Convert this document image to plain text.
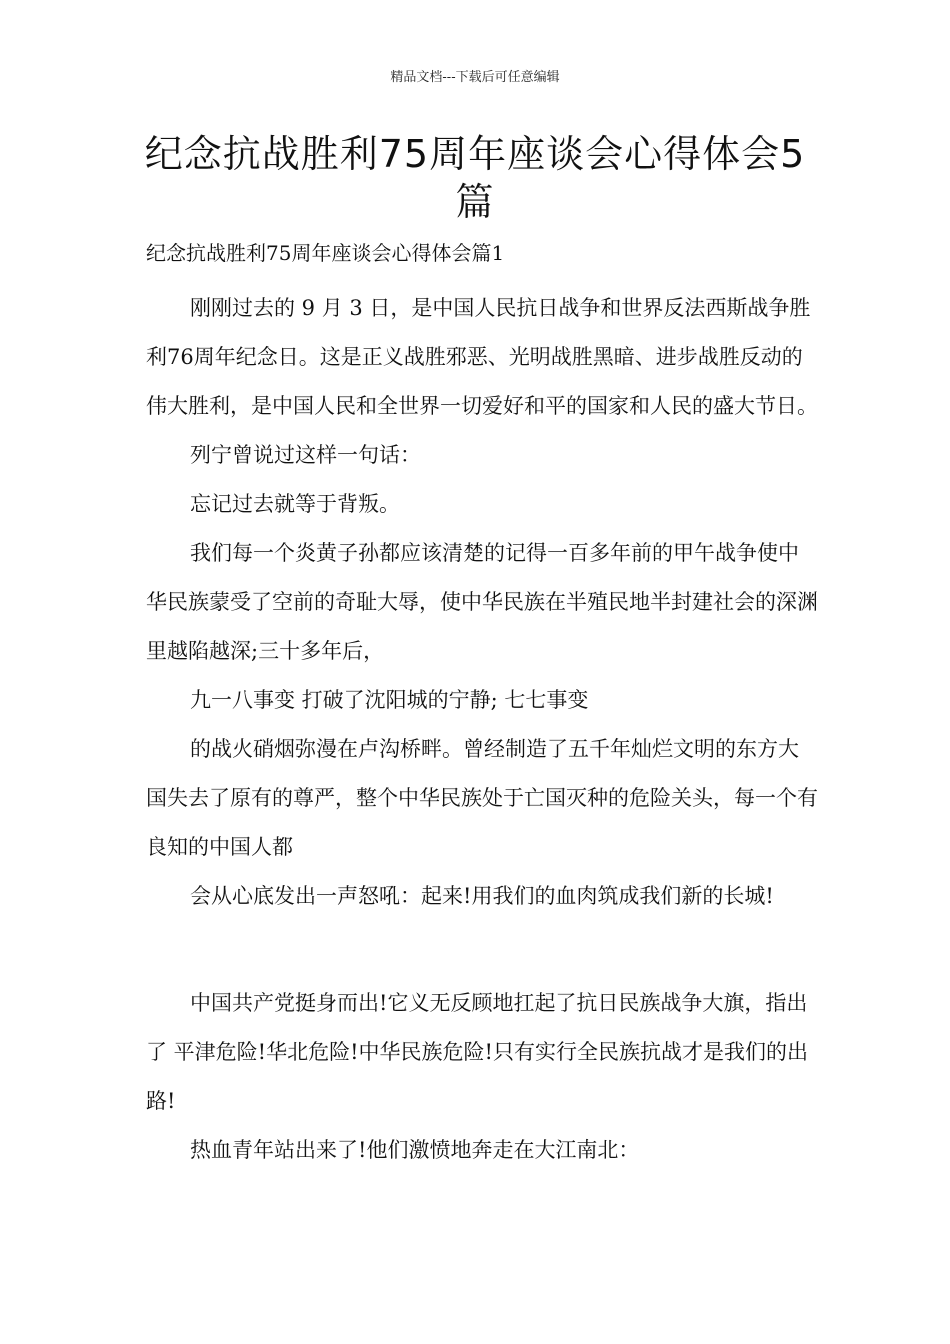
精品文档---下载后可任意编辑
纪念抗战胜利75周年座谈会心得体会5篇

纪念抗战胜利75周年座谈会心得体会篇1

刚刚过去的 9 月 3 日，是中国人民抗日战争和世界反法西斯战争胜利76周年纪念日。这是正义战胜邪恶、光明战胜黑暗、进步战胜反动的伟大胜利，是中国人民和全世界一切爱好和平的国家和人民的盛大节日。

列宁曾说过这样一句话：

忘记过去就等于背叛。

我们每一个炎黄子孙都应该清楚的记得一百多年前的甲午战争使中华民族蒙受了空前的奇耻大辱，使中华民族在半殖民地半封建社会的深渊里越陷越深;三十多年后，

九一八事变 打破了沈阳城的宁静; 七七事变

的战火硝烟弥漫在卢沟桥畔。曾经制造了五千年灿烂文明的东方大国失去了原有的尊严，整个中华民族处于亡国灭种的危险关头，每一个有良知的中国人都

会从心底发出一声怒吼：起来!用我们的血肉筑成我们新的长城!

中国共产党挺身而出!它义无反顾地扛起了抗日民族战争大旗，指出了 平津危险!华北危险!中华民族危险!只有实行全民族抗战才是我们的出路!

热血青年站出来了!他们激愤地奔走在大江南北：
